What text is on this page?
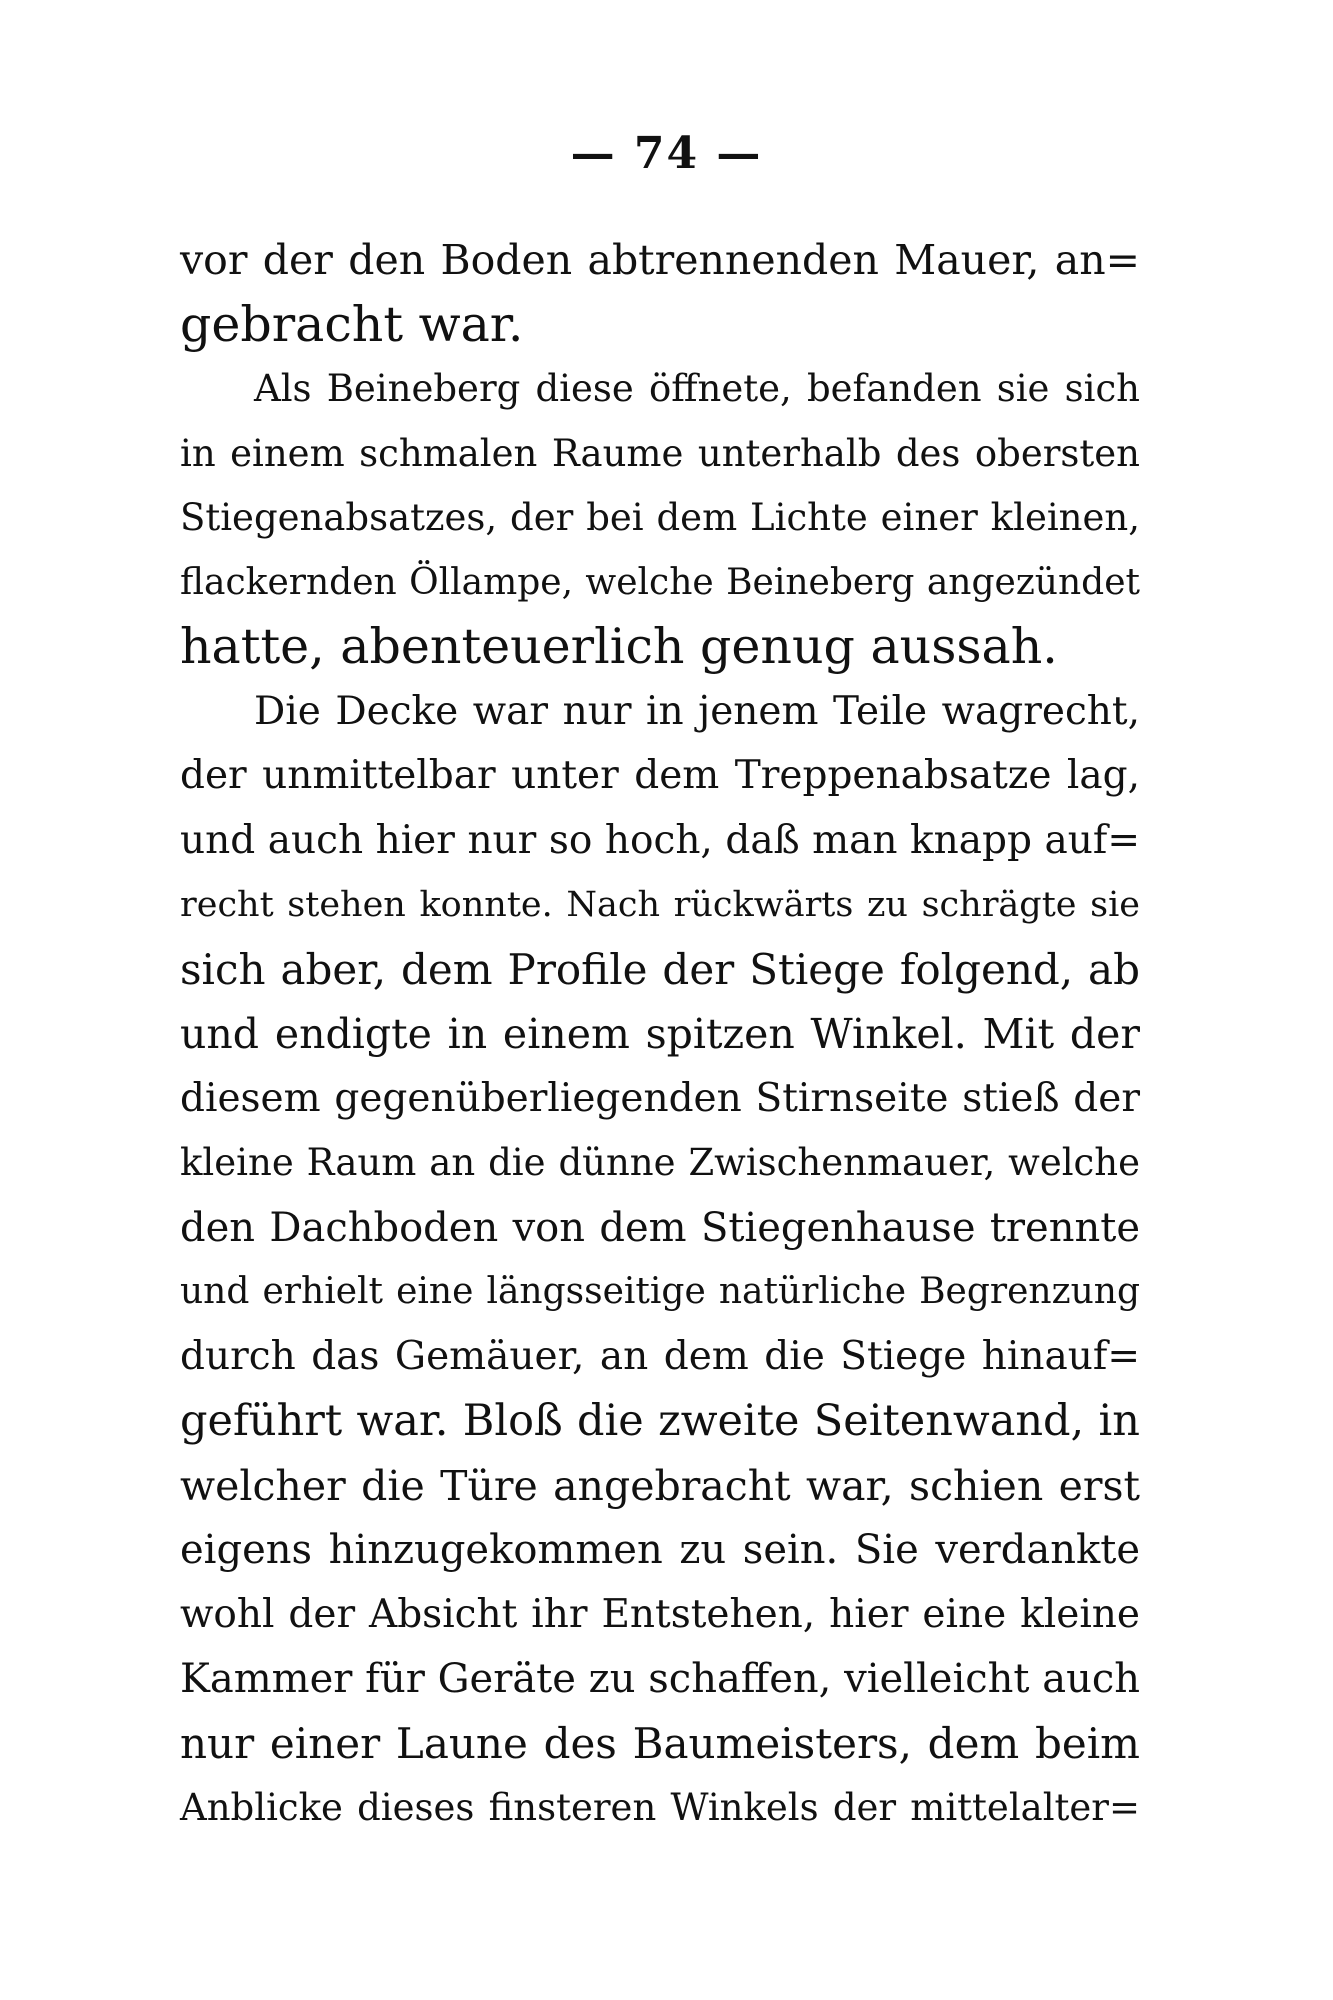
— 74 —
vor der den Boden abtrennenden Mauer, an=
gebracht war.
Als Beineberg diese öffnete, befanden sie sich
in einem schmalen Raume unterhalb des obersten
Stiegenabsatzes, der bei dem Lichte einer kleinen,
flackernden Öllampe, welche Beineberg angezündet
hatte, abenteuerlich genug aussah.
Die Decke war nur in jenem Teile wagrecht,
der unmittelbar unter dem Treppenabsatze lag,
und auch hier nur so hoch, daß man knapp auf=
recht stehen konnte. Nach rückwärts zu schrägte sie
sich aber, dem Profile der Stiege folgend, ab
und endigte in einem spitzen Winkel. Mit der
diesem gegenüberliegenden Stirnseite stieß der
kleine Raum an die dünne Zwischenmauer, welche
den Dachboden von dem Stiegenhause trennte
und erhielt eine längsseitige natürliche Begrenzung
durch das Gemäuer, an dem die Stiege hinauf=
geführt war. Bloß die zweite Seitenwand, in
welcher die Türe angebracht war, schien erst
eigens hinzugekommen zu sein. Sie verdankte
wohl der Absicht ihr Entstehen, hier eine kleine
Kammer für Geräte zu schaffen, vielleicht auch
nur einer Laune des Baumeisters, dem beim
Anblicke dieses finsteren Winkels der mittelalter=
